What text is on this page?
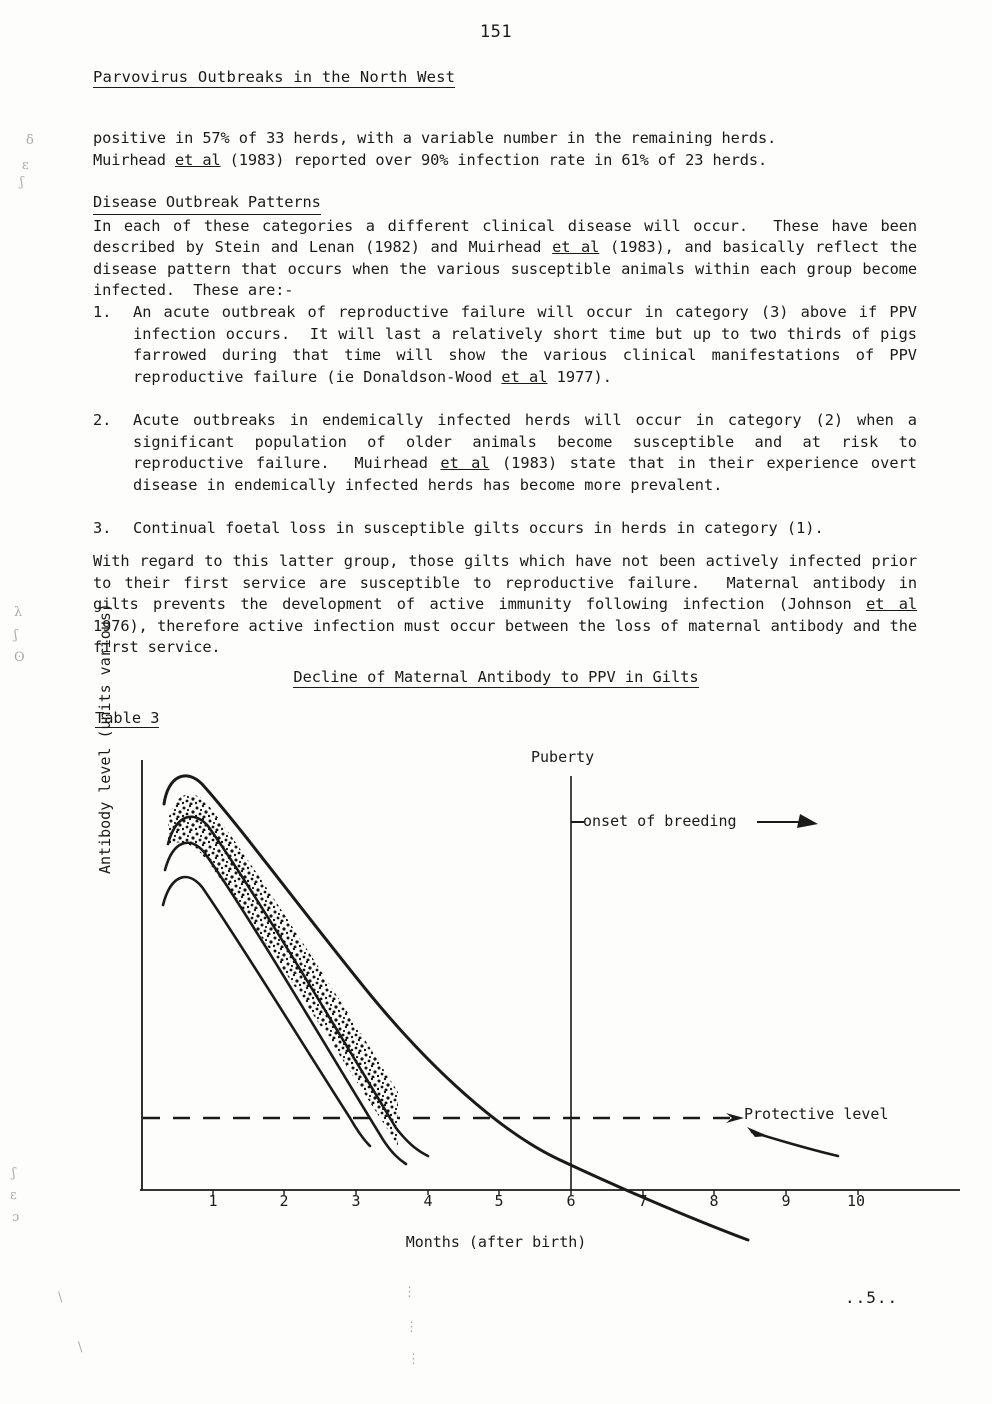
δ
ε
ʃ
λ
ʃ
ʘ
ʃ
ε
ɔ
\
\
⋮
⋮
⋮
151
Parvovirus Outbreaks in the North West
positive in 57% of 33 herds, with a variable number in the remaining herds.
Muirhead et al (1983) reported over 90% infection rate in 61% of 23 herds.
Disease Outbreak Patterns
In each of these categories a different clinical disease will occur.  These have been described by Stein and Lenan (1982) and Muirhead et al (1983), and basically reflect the disease pattern that occurs when the various susceptible animals within each group become infected.  These are:-
1.	An acute outbreak of reproductive failure will occur in category (3) above if PPV infection occurs.  It will last a relatively short time but up to two thirds of pigs farrowed during that time will show the various clinical manifestations of PPV reproductive failure (ie Donaldson-Wood et al 1977).
2.	Acute outbreaks in endemically infected herds will occur in category (2) when a significant population of older animals become susceptible and at risk to reproductive failure.  Muirhead et al (1983) state that in their experience overt disease in endemically infected herds has become more prevalent.
3.	Continual foetal loss in susceptible gilts occurs in herds in category (1).
With regard to this latter group, those gilts which have not been actively infected prior to their first service are susceptible to reproductive failure.  Maternal antibody in gilts prevents the development of active immunity following infection (Johnson et al 1976), therefore active infection must occur between the loss of maternal antibody and the first service.
Decline of Maternal Antibody to PPV in Gilts
Table 3
Antibody level (units various)
Months (after birth)
1	2	3	4	5	6	7	8	9	10
Puberty
onset of breeding
Protective level
..5..
